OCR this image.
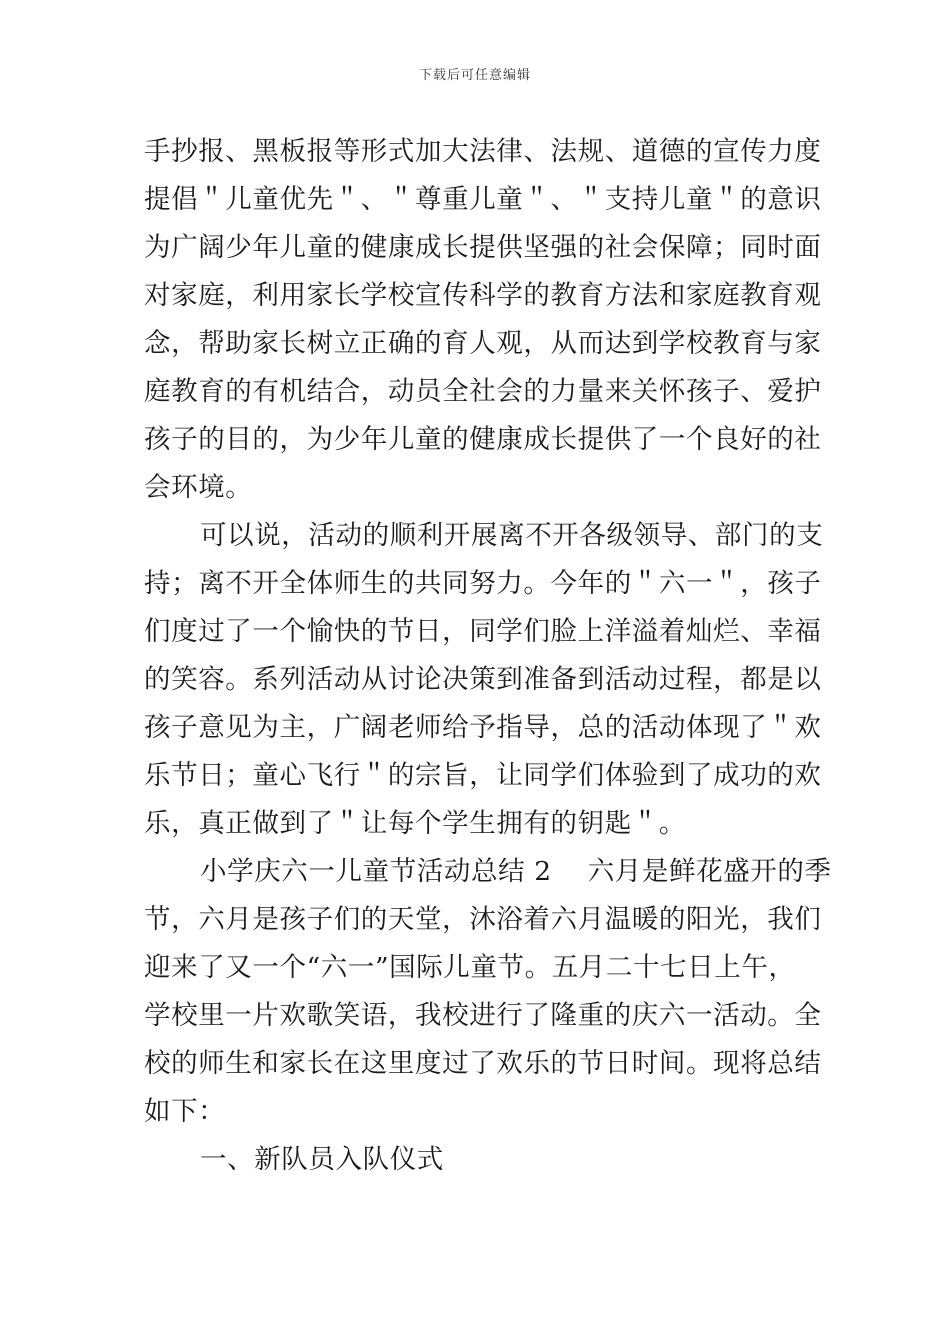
下载后可任意编辑
手抄报、黑板报等形式加大法律、法规、道德的宣传力度
提倡＂儿童优先＂、＂尊重儿童＂、＂支持儿童＂的意识
为广阔少年儿童的健康成长提供坚强的社会保障；同时面
对家庭，利用家长学校宣传科学的教育方法和家庭教育观
念，帮助家长树立正确的育人观，从而达到学校教育与家
庭教育的有机结合，动员全社会的力量来关怀孩子、爱护
孩子的目的，为少年儿童的健康成长提供了一个良好的社
会环境。
可以说，活动的顺利开展离不开各级领导、部门的支
持；离不开全体师生的共同努力。今年的＂六一＂，孩子
们度过了一个愉快的节日，同学们脸上洋溢着灿烂、幸福
的笑容。系列活动从讨论决策到准备到活动过程，都是以
孩子意见为主，广阔老师给予指导，总的活动体现了＂欢
乐节日；童心飞行＂的宗旨，让同学们体验到了成功的欢
乐，真正做到了＂让每个学生拥有的钥匙＂。
小学庆六一儿童节活动总结 2 六月是鲜花盛开的季
节，六月是孩子们的天堂，沐浴着六月温暖的阳光，我们
迎来了又一个“六一”国际儿童节。五月二十七日上午，
学校里一片欢歌笑语，我校进行了隆重的庆六一活动。全
校的师生和家长在这里度过了欢乐的节日时间。现将总结
如下：
一、新队员入队仪式
